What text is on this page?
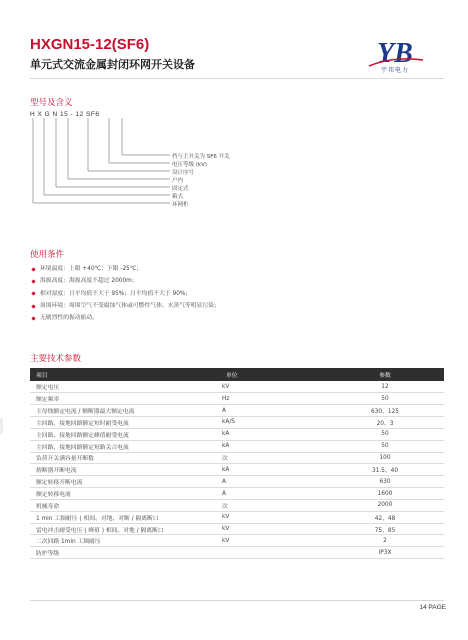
HXGN15-12(SF6)
单元式交流金属封闭环网开关设备	YB
宇邦电力
型号及含义
H X G N 15 - 12 SF6
档与主开关为 SF6 开关
电压等级 (kV)
设计序号
户内
固定式
箱式
环网柜
使用条件
环境温度：上限 +40℃；下限 -25℃；
海拔高度：海拔高度不超过 2000m；
相对湿度：日平均值不大于 95%；月平均值不大于 90%；
周围环境：周围空气不受腐蚀气体或可燃性气体、水蒸气等明显污染；
无剧烈性的振动振动。
主要技术参数
项目	单位	参数
额定电压	kV	12
额定频率	Hz	50
主母线额定电流 / 额断器最大额定电流	A	630、125
主回路、接地回路额定短时耐受电流	kA/S	20、3
主回路、接地回路额定峰值耐受电流	kA	50
主回路、接地回路额定短路关合电流	kA	50
负荷开关满容量开断数	次	100
熔断器开断电流	kA	31.5、40
额定转移开断电流	A	630
额定转移电流	A	1600
机械寿命	次	2000
1 min 工频耐压 ( 相间、对地、对断 / 隔离断口	kV	42、48
雷电冲击耐受电压 ( 峰值 ) 相间、对地 / 隔离断口	kV	75、85
二次回路 1min 工频耐压	kV	2
防护等级		IP3X
14 PAGE
